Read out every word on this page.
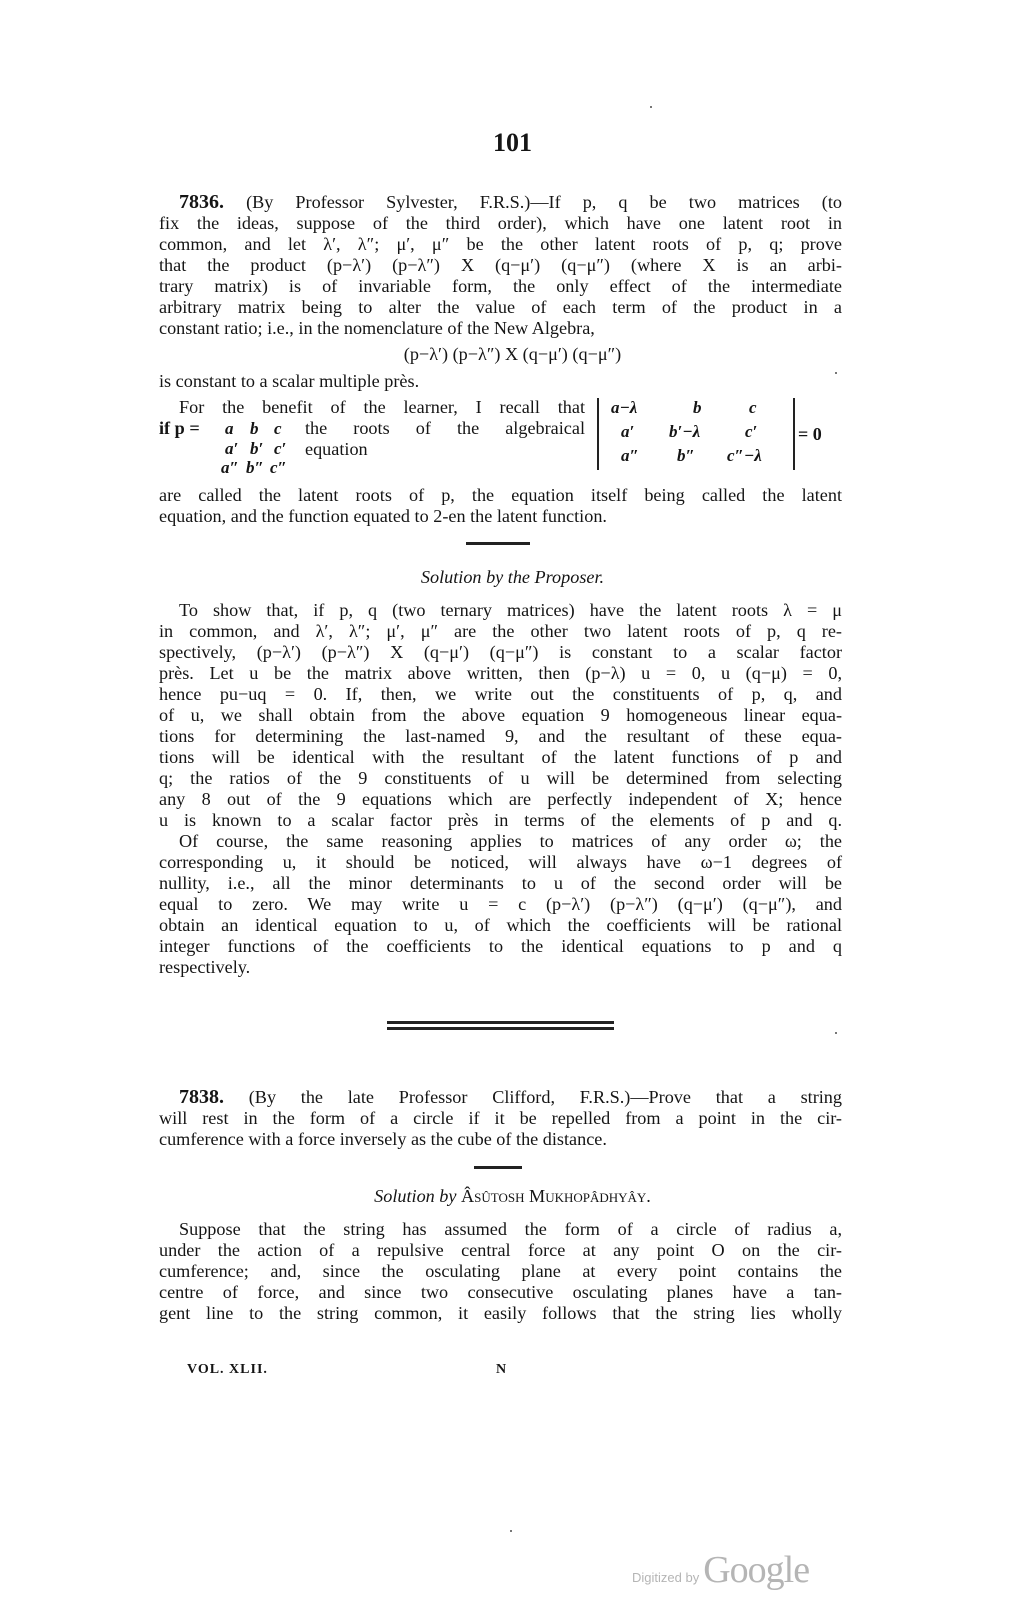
101
7836. (By Professor Sylvester, F.R.S.)—If p, q be two matrices (to
fix the ideas, suppose of the third order), which have one latent root in
common, and let λ′, λ″; μ′, μ″ be the other latent roots of p, q; prove
that the product (p−λ′) (p−λ″) X (q−μ′) (q−μ″) (where X is an arbi-
trary matrix) is of invariable form, the only effect of the intermediate
arbitrary matrix being to alter the value of each term of the product in a
constant ratio; i.e., in the nomenclature of the New Algebra,
(p−λ′) (p−λ″) X (q−μ′) (q−μ″)
is constant to a scalar multiple près.
For the benefit of the learner, I recall that
if p =	the roots of the algebraical
equation
a b c
a′ b′ c′
a″ b″ c″
a−λ	b	c
a′ b′−λ	c′
a″ b″ c″−λ
= 0
are called the latent roots of p, the equation itself being called the latent
equation, and the function equated to 2-en the latent function.
Solution by the Proposer.
To show that, if p, q (two ternary matrices) have the latent roots λ = μ
in common, and λ′, λ″; μ′, μ″ are the other two latent roots of p, q re-
spectively, (p−λ′) (p−λ″) X (q−μ′) (q−μ″) is constant to a scalar factor
près. Let u be the matrix above written, then (p−λ) u = 0, u (q−μ) = 0,
hence pu−uq = 0. If, then, we write out the constituents of p, q, and
of u, we shall obtain from the above equation 9 homogeneous linear equa-
tions for determining the last-named 9, and the resultant of these equa-
tions will be identical with the resultant of the latent functions of p and
q; the ratios of the 9 constituents of u will be determined from selecting
any 8 out of the 9 equations which are perfectly independent of X; hence
u is known to a scalar factor près in terms of the elements of p and q.
Of course, the same reasoning applies to matrices of any order ω; the
corresponding u, it should be noticed, will always have ω−1 degrees of
nullity, i.e., all the minor determinants to u of the second order will be
equal to zero. We may write u = c (p−λ′) (p−λ″) (q−μ′) (q−μ″), and
obtain an identical equation to u, of which the coefficients will be rational
integer functions of the coefficients to the identical equations to p and q
respectively.
7838. (By the late Professor Clifford, F.R.S.)—Prove that a string
will rest in the form of a circle if it be repelled from a point in the cir-
cumference with a force inversely as the cube of the distance.
Solution by Âsûtosh Mukhopâdhyây.
Suppose that the string has assumed the form of a circle of radius a,
under the action of a repulsive central force at any point O on the cir-
cumference; and, since the osculating plane at every point contains the
centre of force, and since two consecutive osculating planes have a tan-
gent line to the string common, it easily follows that the string lies wholly
VOL. XLII.	N
Digitized by Google
